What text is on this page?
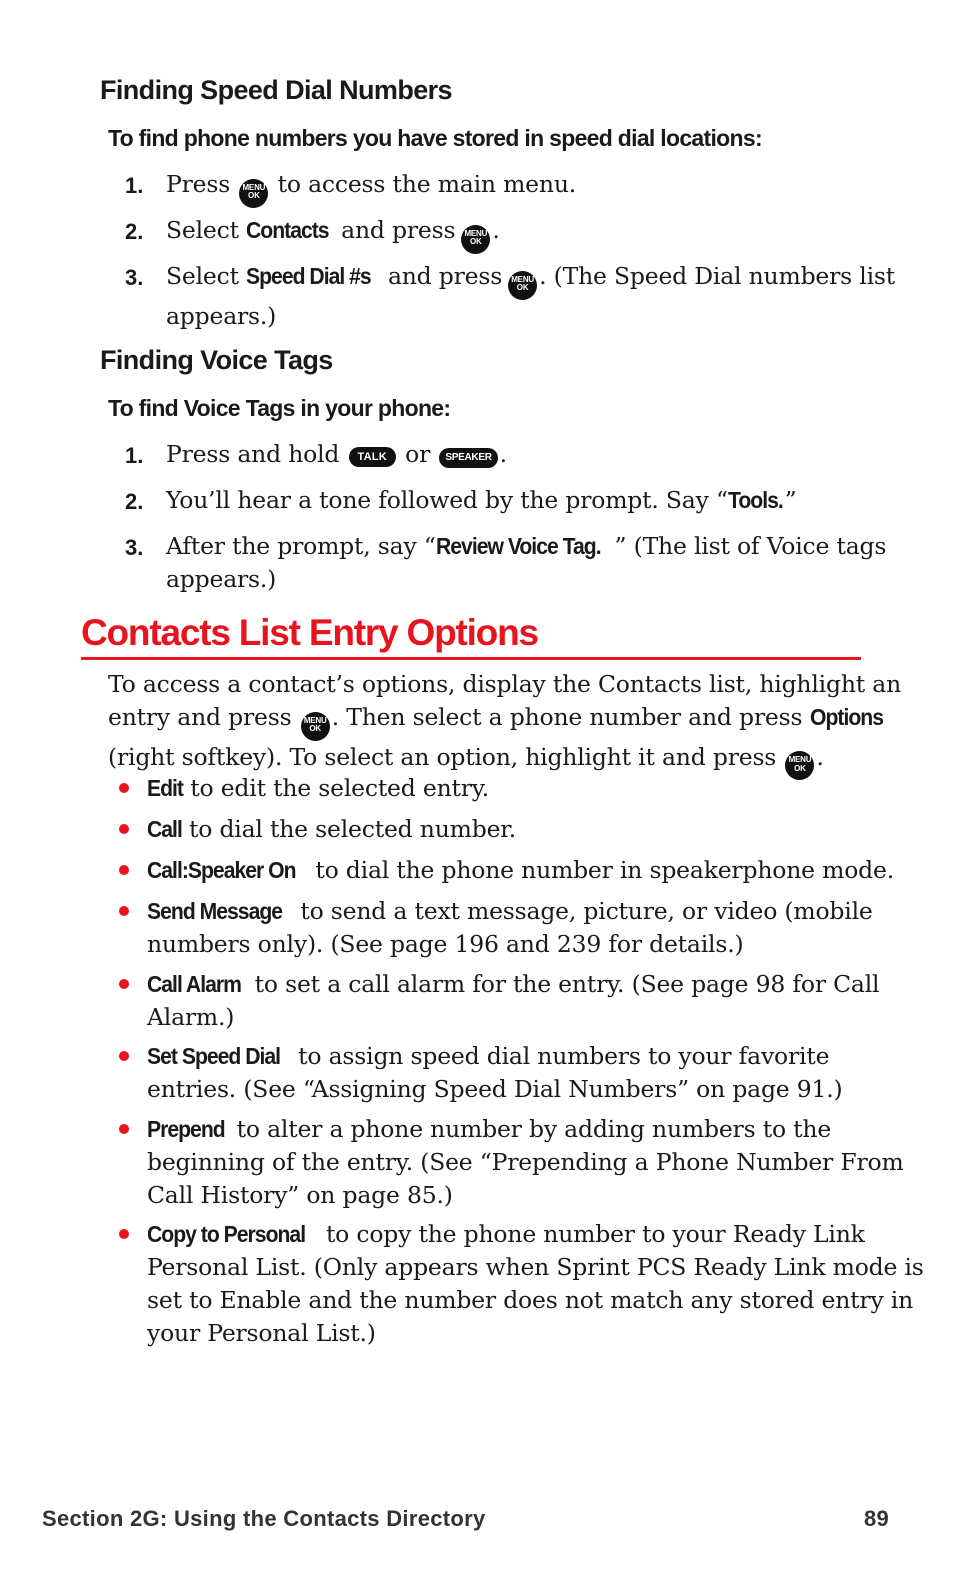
Finding Speed Dial Numbers
To find phone numbers you have stored in speed dial locations:
1. Press MENU
OK to access the main menu.
2. Select Contacts and press MENU
OK .
3. Select Speed Dial #s and press MENU
OK . (The Speed Dial numbers list
appears.)
Finding Voice Tags
To find Voice Tags in your phone:
1. Press and hold TALK or SPEAKER .
2. You’ll hear a tone followed by the prompt. Say “Tools.”
3. After the prompt, say “Review Voice Tag. ” (The list of Voice tags
appears.)
Contacts List Entry Options
To access a contact’s options, display the Contacts list, highlight an
entry and press MENU
OK . Then select a phone number and press Options
(right softkey). To select an option, highlight it and press MENU
OK .
Edit to edit the selected entry.
Call to dial the selected number.
Call:Speaker On to dial the phone number in speakerphone mode.
Send Message to send a text message, picture, or video (mobile
numbers only). (See page 196 and 239 for details.)
Call Alarm to set a call alarm for the entry. (See page 98 for Call
Alarm.)
Set Speed Dial to assign speed dial numbers to your favorite
entries. (See “Assigning Speed Dial Numbers” on page 91.)
Prepend to alter a phone number by adding numbers to the
beginning of the entry. (See “Prepending a Phone Number From
Call History” on page 85.)
Copy to Personal to copy the phone number to your Ready Link
Personal List. (Only appears when Sprint PCS Ready Link mode is
set to Enable and the number does not match any stored entry in
your Personal List.)
Section 2G: Using the Contacts Directory	89
